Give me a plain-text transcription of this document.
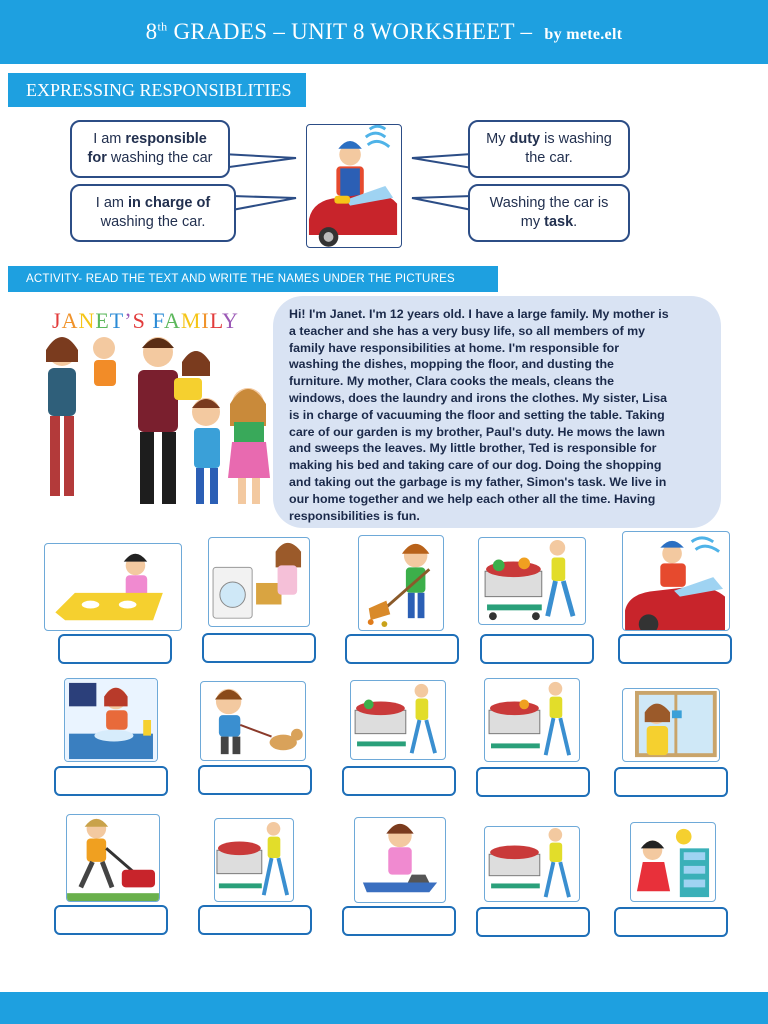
8th GRADES – UNIT 8 WORKSHEET – by mete.elt
EXPRESSING RESPONSIBLITIES
I am responsible
for washing the car
I am in charge of
washing the car.
My duty is washing
the car.
Washing the car is
my task.
ACTIVITY- READ THE TEXT AND WRITE THE NAMES UNDER THE PICTURES
JANET’S FAMILY	Hi! I'm Janet. I'm 12 years old. I have a large family. My mother is
a teacher and she has a very busy life, so all members of my
family have responsibilities at home. I'm responsible for
washing the dishes, mopping the floor, and dusting the
furniture. My mother, Clara cooks the meals, cleans the
windows, does the laundry and irons the clothes. My sister, Lisa
is in charge of vacuuming the floor and setting the table. Taking
care of our garden is my brother, Paul's duty. He mows the lawn
and sweeps the leaves. My little brother, Ted is responsible for
making his bed and taking care of our dog. Doing the shopping
and taking out the garbage is my father, Simon's task. We live in
our home together and we help each other all the time. Having
responsibilities is fun.
